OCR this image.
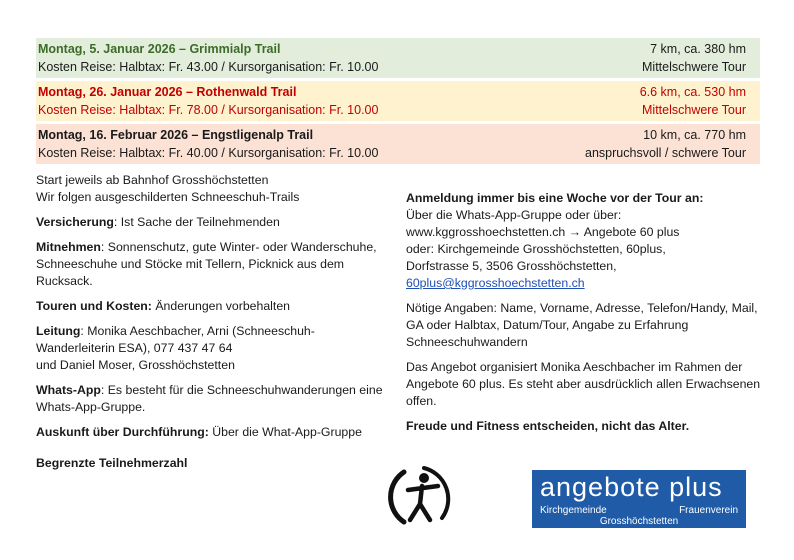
Montag, 5. Januar 2026 – Grimmialp Trail	7 km, ca. 380 hm
Kosten Reise: Halbtax: Fr. 43.00 / Kursorganisation: Fr. 10.00	Mittelschwere Tour
Montag, 26. Januar 2026 – Rothenwald Trail	6.6 km, ca. 530 hm
Kosten Reise: Halbtax: Fr. 78.00 / Kursorganisation: Fr. 10.00	Mittelschwere Tour
Montag, 16. Februar 2026 – Engstligenalp Trail	10 km, ca. 770 hm
Kosten Reise: Halbtax: Fr. 40.00 / Kursorganisation: Fr. 10.00	anspruchsvoll / schwere Tour

Start jeweils ab Bahnhof Grosshöchstetten
Wir folgen ausgeschilderten Schneeschuh-Trails

Versicherung: Ist Sache der Teilnehmenden

Mitnehmen: Sonnenschutz, gute Winter- oder Wanderschuhe, Schneeschuhe und Stöcke mit Tellern, Picknick aus dem Rucksack.

Touren und Kosten: Änderungen vorbehalten

Leitung: Monika Aeschbacher, Arni (Schneeschuh-Wanderleiterin ESA), 077 437 47 64
und Daniel Moser, Grosshöchstetten

Whats-App: Es besteht für die Schneeschuhwanderungen eine Whats-App-Gruppe.

Auskunft über Durchführung: Über die What-App-Gruppe

Begrenzte Teilnehmerzahl

Anmeldung immer bis eine Woche vor der Tour an:
Über die Whats-App-Gruppe oder über:
www.kggrosshoechstetten.ch → Angebote 60 plus
oder: Kirchgemeinde Grosshöchstetten, 60plus,
Dorfstrasse 5, 3506 Grosshöchstetten,
60plus@kggrosshoechstetten.ch

Nötige Angaben: Name, Vorname, Adresse, Telefon/Handy, Mail, GA oder Halbtax, Datum/Tour, Angabe zu Erfahrung Schneeschuhwandern

Das Angebot organisiert Monika Aeschbacher im Rahmen der Angebote 60 plus. Es steht aber ausdrücklich allen Erwachsenen offen.

Freude und Fitness entscheiden, nicht das Alter.

angebote plus
Kirchgemeinde	Frauenverein
Grosshöchstetten
